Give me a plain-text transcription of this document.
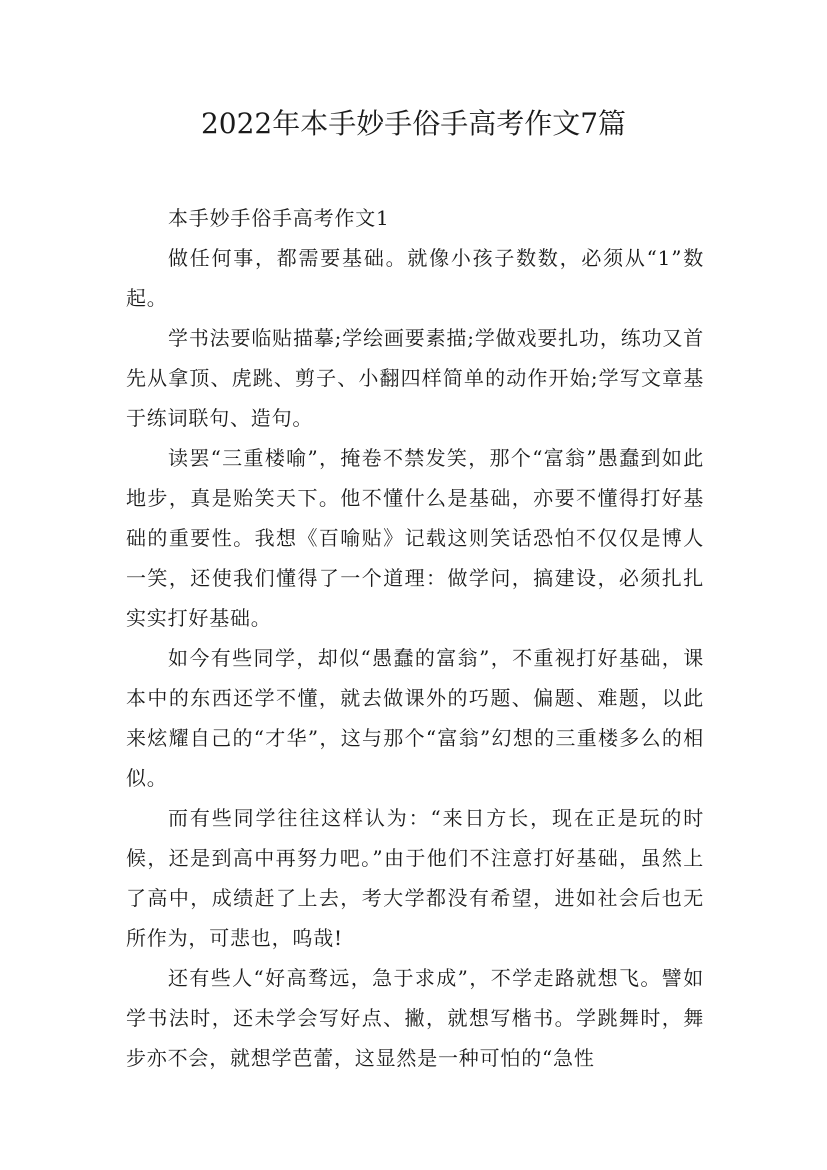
2022年本手妙手俗手高考作文7篇

本手妙手俗手高考作文1

做任何事，都需要基础。就像小孩子数数，必须从“1”数起。

学书法要临贴描摹;学绘画要素描;学做戏要扎功，练功又首先从拿顶、虎跳、剪子、小翻四样简单的动作开始;学写文章基于练词联句、造句。

读罢“三重楼喻”，掩卷不禁发笑，那个“富翁”愚蠢到如此地步，真是贻笑天下。他不懂什么是基础，亦要不懂得打好基础的重要性。我想《百喻贴》记载这则笑话恐怕不仅仅是博人一笑，还使我们懂得了一个道理：做学问，搞建设，必须扎扎实实打好基础。

如今有些同学，却似“愚蠢的富翁”，不重视打好基础，课本中的东西还学不懂，就去做课外的巧题、偏题、难题，以此来炫耀自己的“才华”，这与那个“富翁”幻想的三重楼多么的相似。

而有些同学往往这样认为：“来日方长，现在正是玩的时候，还是到高中再努力吧。”由于他们不注意打好基础，虽然上了高中，成绩赶了上去，考大学都没有希望，进如社会后也无所作为，可悲也，呜哉!

还有些人“好高骛远，急于求成”，不学走路就想飞。譬如学书法时，还未学会写好点、撇，就想写楷书。学跳舞时，舞步亦不会，就想学芭蕾，这显然是一种可怕的“急性
